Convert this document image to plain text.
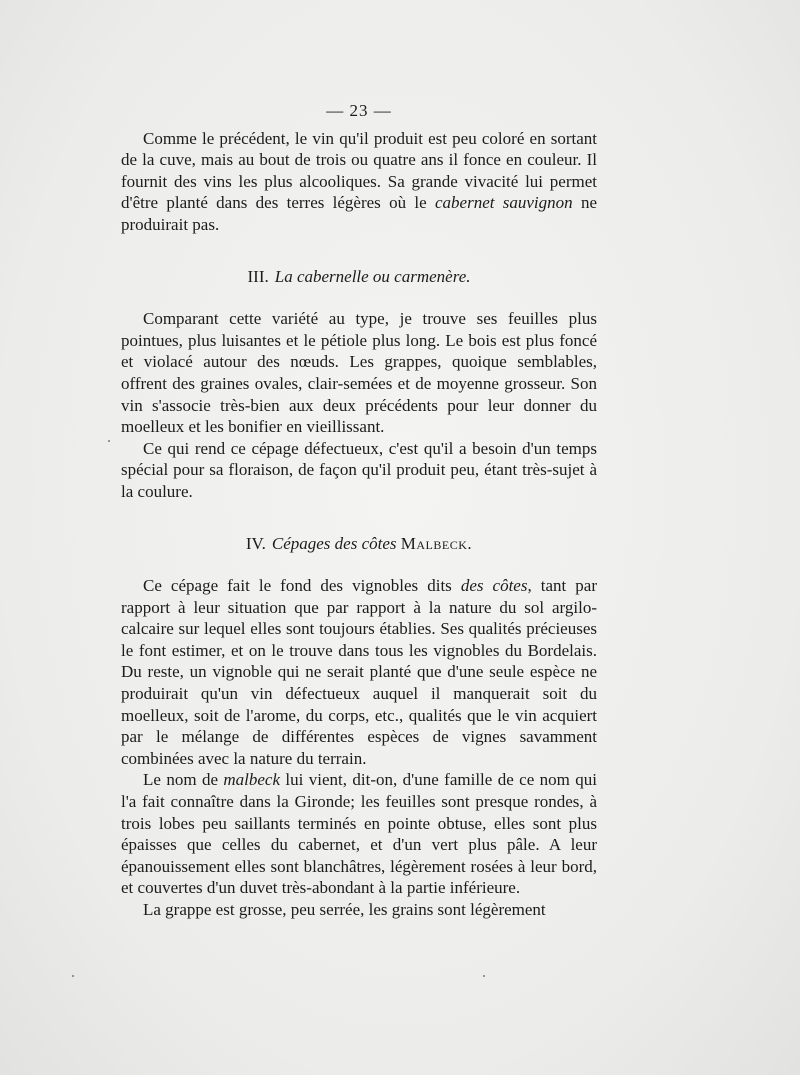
— 23 —

Comme le précédent, le vin qu'il produit est peu coloré en sortant de la cuve, mais au bout de trois ou quatre ans il fonce en couleur. Il fournit des vins les plus alcooliques. Sa grande vivacité lui permet d'être planté dans des terres légères où le cabernet sauvignon ne produirait pas.

III. La cabernelle ou carmenère.

Comparant cette variété au type, je trouve ses feuilles plus pointues, plus luisantes et le pétiole plus long. Le bois est plus foncé et violacé autour des nœuds. Les grappes, quoique semblables, offrent des graines ovales, clair-semées et de moyenne grosseur. Son vin s'associe très-bien aux deux précédents pour leur donner du moelleux et les bonifier en vieillissant.

Ce qui rend ce cépage défectueux, c'est qu'il a besoin d'un temps spécial pour sa floraison, de façon qu'il produit peu, étant très-sujet à la coulure.

IV. Cépages des côtes Malbeck.

Ce cépage fait le fond des vignobles dits des côtes, tant par rapport à leur situation que par rapport à la nature du sol argilo-calcaire sur lequel elles sont toujours établies. Ses qualités précieuses le font estimer, et on le trouve dans tous les vignobles du Bordelais. Du reste, un vignoble qui ne serait planté que d'une seule espèce ne produirait qu'un vin défectueux auquel il manquerait soit du moelleux, soit de l'arome, du corps, etc., qualités que le vin acquiert par le mélange de différentes espèces de vignes savamment combinées avec la nature du terrain.

Le nom de malbeck lui vient, dit-on, d'une famille de ce nom qui l'a fait connaître dans la Gironde; les feuilles sont presque rondes, à trois lobes peu saillants terminés en pointe obtuse, elles sont plus épaisses que celles du cabernet, et d'un vert plus pâle. A leur épanouissement elles sont blanchâtres, légèrement rosées à leur bord, et couvertes d'un duvet très-abondant à la partie inférieure.

La grappe est grosse, peu serrée, les grains sont légèrement
